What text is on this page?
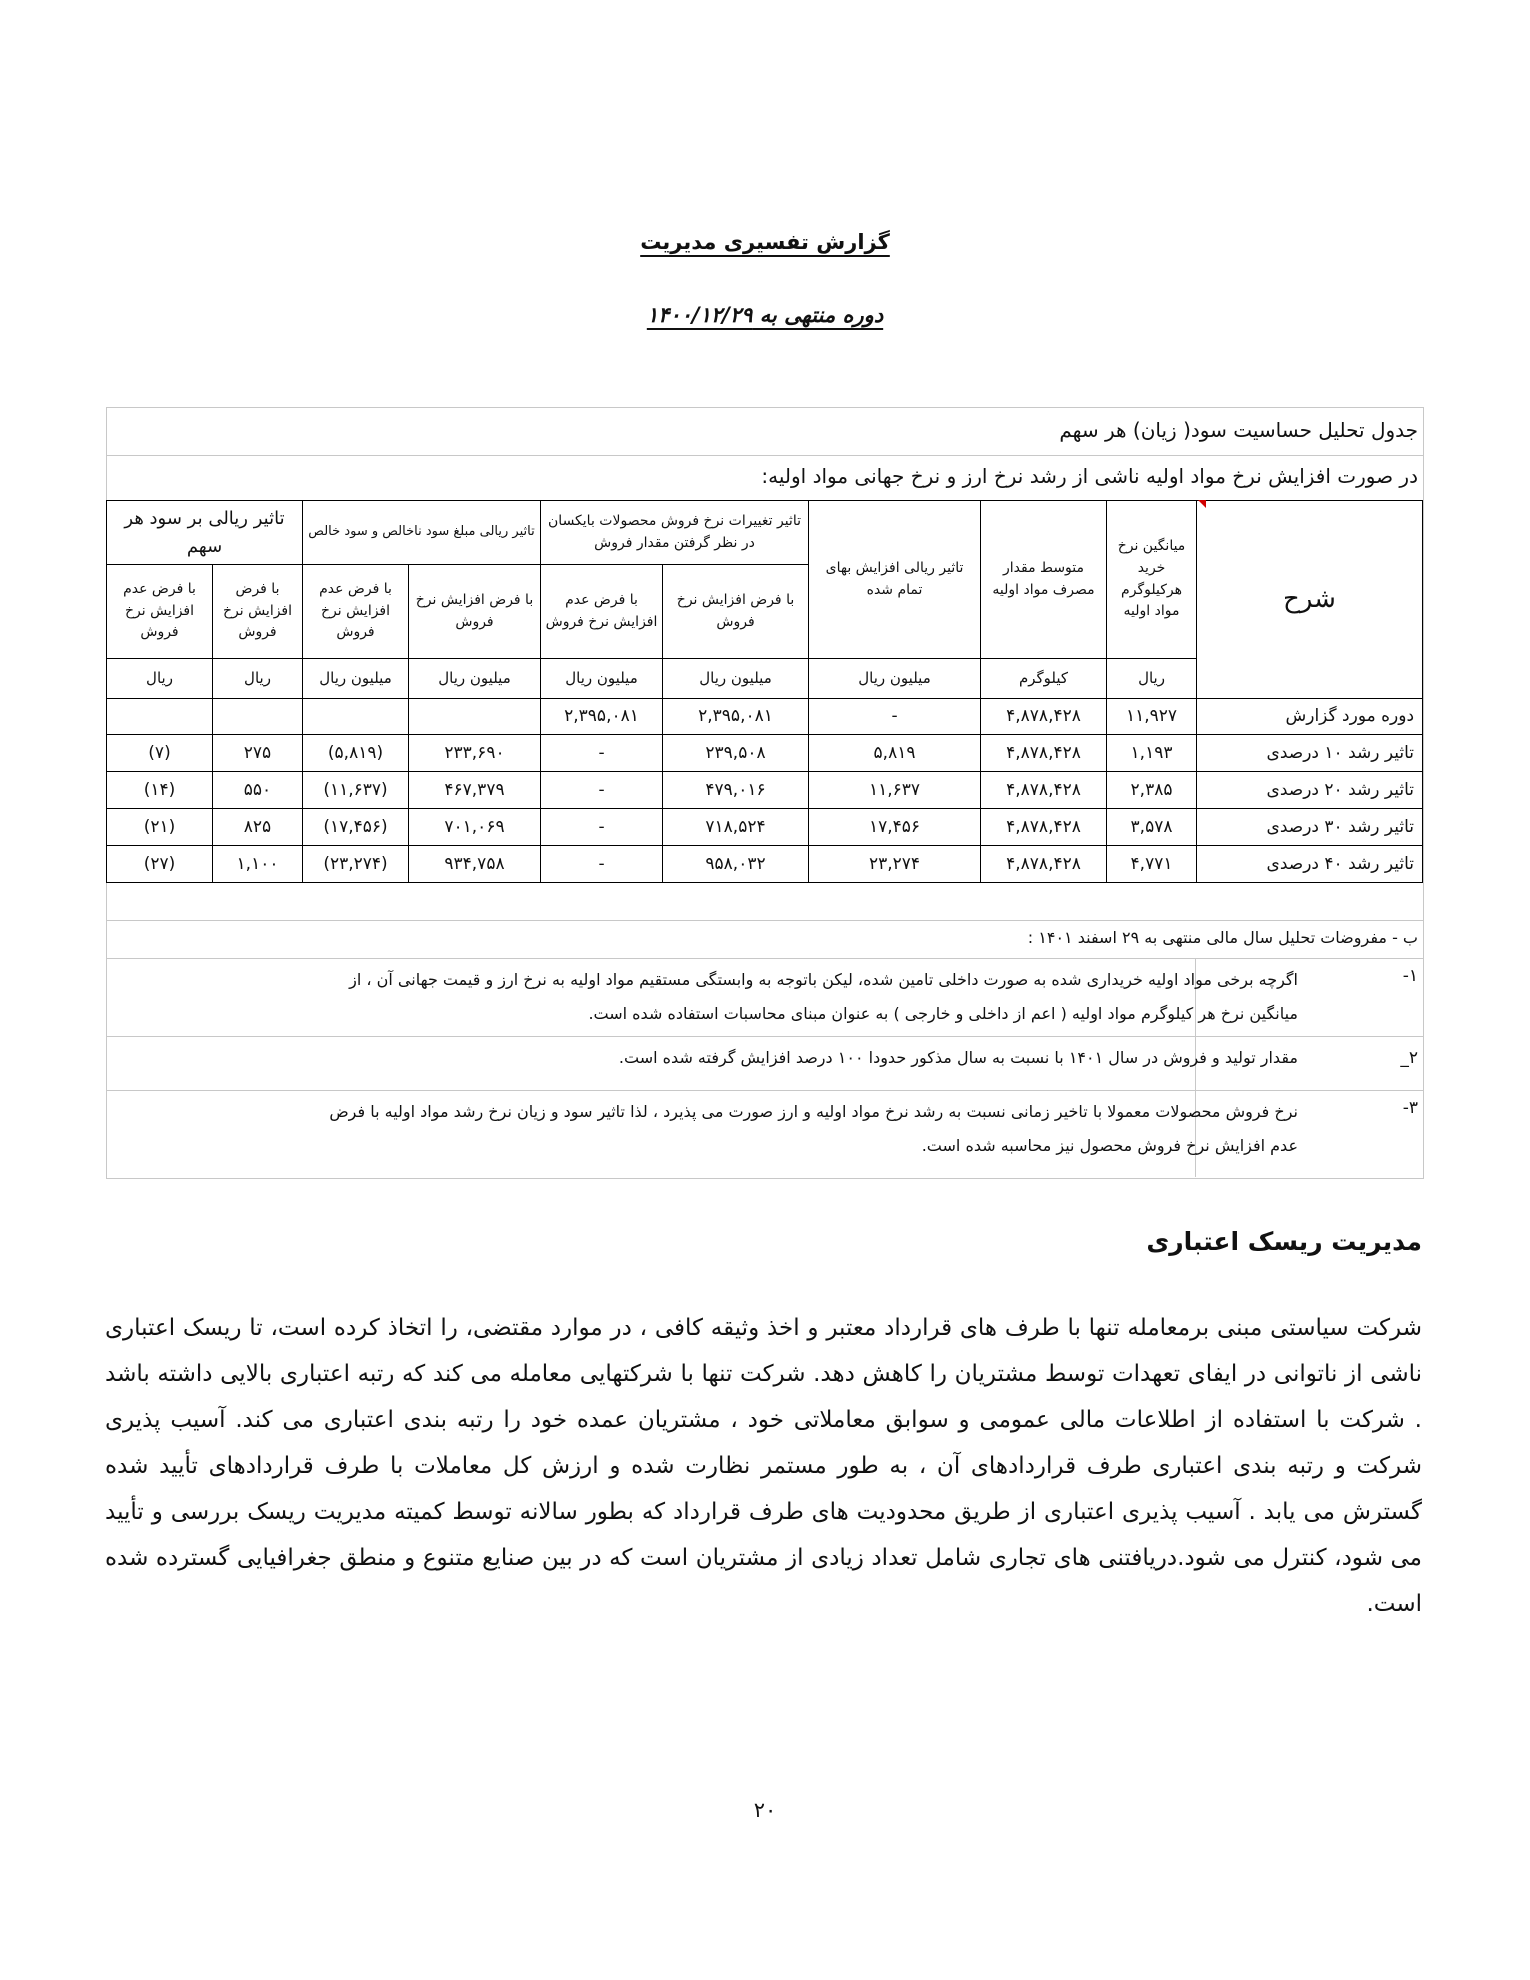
گزارش تفسیری مدیریت
دوره منتهی به ۱۴۰۰/۱۲/۲۹
جدول تحلیل حساسیت سود( زیان) هر سهم
در صورت افزایش نرخ مواد اولیه ناشی از رشد نرخ ارز و نرخ جهانی مواد اولیه:
شرح	میانگین نرخ خرید هرکیلوگرم مواد اولیه	متوسط مقدار مصرف مواد اولیه	تاثیر ریالی افزایش بهای تمام شده	تاثیر تغییرات نرخ فروش محصولات بایکسان در نظر گرفتن مقدار فروش		تاثیر ریالی مبلغ سود ناخالص و سود خالص		تاثیر ریالی بر سود هر سهم	
				با فرض افزایش نرخ فروش	با فرض عدم افزایش نرخ فروش	با فرض افزایش نرخ فروش	با فرض عدم افزایش نرخ فروش	با فرض افزایش نرخ فروش	با فرض عدم افزایش نرخ فروش
	ریال	کیلوگرم	میلیون ریال	میلیون ریال	میلیون ریال	میلیون ریال	میلیون ریال	ریال	ریال
دوره مورد گزارش	۱۱,۹۲۷	۴,۸۷۸,۴۲۸	-	۲,۳۹۵,۰۸۱	۲,۳۹۵,۰۸۱				
تاثیر رشد ۱۰ درصدی	۱,۱۹۳	۴,۸۷۸,۴۲۸	۵,۸۱۹	۲۳۹,۵۰۸	-	۲۳۳,۶۹۰	(۵,۸۱۹)	۲۷۵	(۷)
تاثیر رشد ۲۰ درصدی	۲,۳۸۵	۴,۸۷۸,۴۲۸	۱۱,۶۳۷	۴۷۹,۰۱۶	-	۴۶۷,۳۷۹	(۱۱,۶۳۷)	۵۵۰	(۱۴)
تاثیر رشد ۳۰ درصدی	۳,۵۷۸	۴,۸۷۸,۴۲۸	۱۷,۴۵۶	۷۱۸,۵۲۴	-	۷۰۱,۰۶۹	(۱۷,۴۵۶)	۸۲۵	(۲۱)
تاثیر رشد ۴۰ درصدی	۴,۷۷۱	۴,۸۷۸,۴۲۸	۲۳,۲۷۴	۹۵۸,۰۳۲	-	۹۳۴,۷۵۸	(۲۳,۲۷۴)	۱,۱۰۰	(۲۷)
ب - مفروضات تحلیل سال مالی منتهی به ۲۹ اسفند ۱۴۰۱ :
۱-
اگرچه برخی مواد اولیه خریداری شده به صورت داخلی تامین شده، لیکن باتوجه به وابستگی مستقیم مواد اولیه به نرخ ارز و قیمت جهانی آن ، از
میانگین نرخ هر کیلوگرم مواد اولیه ( اعم از داخلی و خارجی ) به عنوان مبنای محاسبات استفاده شده است.
۲_
مقدار تولید و فروش در سال ۱۴۰۱ با نسبت به سال مذکور حدودا ۱۰۰ درصد افزایش گرفته شده است.
۳-
نرخ فروش محصولات معمولا با تاخیر زمانی نسبت به رشد نرخ مواد اولیه و ارز صورت می پذیرد ، لذا تاثیر سود و زیان نرخ رشد مواد اولیه با فرض
عدم افزایش نرخ فروش محصول نیز محاسبه شده است.
مدیریت ریسک اعتباری
شرکت سیاستی مبنی برمعامله تنها با طرف های قرارداد معتبر و اخذ وثیقه کافی ، در موارد مقتضی، را اتخاذ کرده است، تا ریسک اعتباری ناشی از ناتوانی در ایفای تعهدات توسط مشتریان را کاهش دهد. شرکت تنها با شرکتهایی معامله می کند که رتبه اعتباری بالایی داشته باشد . شرکت با استفاده از اطلاعات مالی عمومی و سوابق معاملاتی خود ، مشتریان عمده خود را رتبه بندی اعتباری می کند. آسیب پذیری شرکت و رتبه بندی اعتباری طرف قراردادهای آن ، به طور مستمر نظارت شده و ارزش کل معاملات با طرف قراردادهای تأیید شده گسترش می یابد . آسیب پذیری اعتباری از طریق محدودیت های طرف قرارداد که بطور سالانه توسط کمیته مدیریت ریسک بررسی و تأیید می شود، کنترل می شود.دریافتنی های تجاری شامل تعداد زیادی از مشتریان است که در بین صنایع متنوع و منطق جغرافیایی گسترده شده است.
۲۰
